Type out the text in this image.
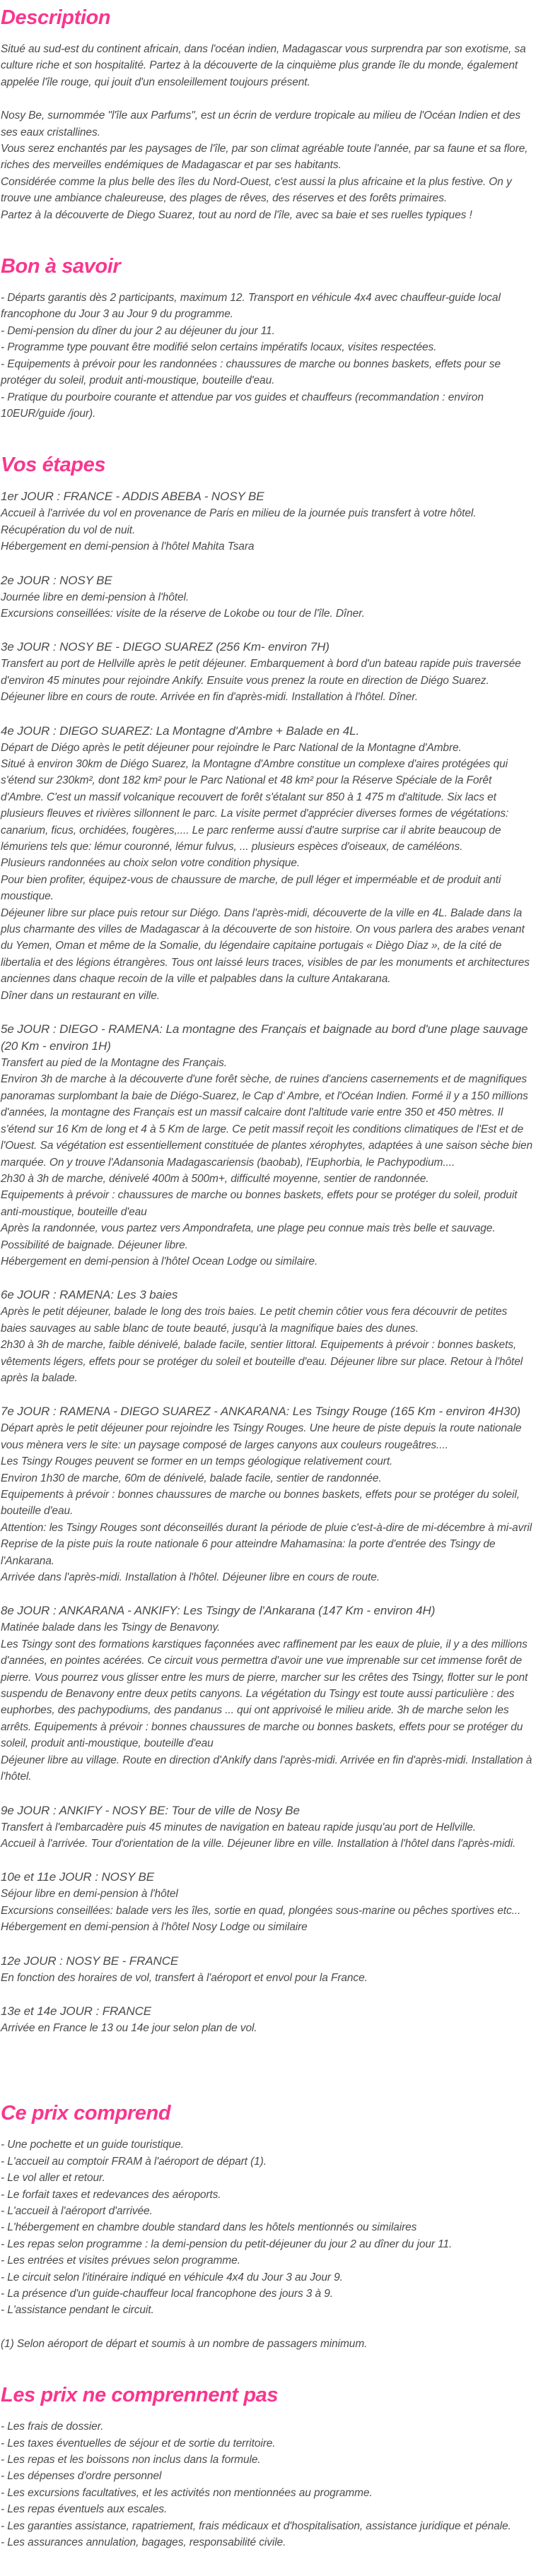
Description

Situé au sud-est du continent africain, dans l'océan indien, Madagascar vous surprendra par son exotisme, sa culture riche et son hospitalité. Partez à la découverte de la cinquième plus grande île du monde, également appelée l'île rouge, qui jouit d'un ensoleillement toujours présent.

Nosy Be, surnommée "l'île aux Parfums", est un écrin de verdure tropicale au milieu de l'Océan Indien et des ses eaux cristallines.

Vous serez enchantés par les paysages de l'île, par son climat agréable toute l'année, par sa faune et sa flore, riches des merveilles endémiques de Madagascar et par ses habitants.

Considérée comme la plus belle des îles du Nord-Ouest, c'est aussi la plus africaine et la plus festive. On y trouve une ambiance chaleureuse, des plages de rêves, des réserves et des forêts primaires.

Partez à la découverte de Diego Suarez, tout au nord de l'île, avec sa baie et ses ruelles typiques !

Bon à savoir

- Départs garantis dès 2 participants, maximum 12. Transport en véhicule 4x4 avec chauffeur-guide local francophone du Jour 3 au Jour 9 du programme.

- Demi-pension du dîner du jour 2 au déjeuner du jour 11.

- Programme type pouvant être modifié selon certains impératifs locaux, visites respectées.

- Equipements à prévoir pour les randonnées : chaussures de marche ou bonnes baskets, effets pour se protéger du soleil, produit anti-moustique, bouteille d'eau.

- Pratique du pourboire courante et attendue par vos guides et chauffeurs (recommandation : environ 10EUR/guide /jour).

Vos étapes

1er JOUR : FRANCE - ADDIS ABEBA - NOSY BE

Accueil à l'arrivée du vol en provenance de Paris en milieu de la journée puis transfert à votre hôtel. Récupération du vol de nuit.

Hébergement en demi-pension à l'hôtel Mahita Tsara

2e JOUR : NOSY BE

Journée libre en demi-pension à l'hôtel.

Excursions conseillées: visite de la réserve de Lokobe ou tour de l'île. Dîner.

3e JOUR : NOSY BE - DIEGO SUAREZ (256 Km- environ 7H)

Transfert au port de Hellville après le petit déjeuner. Embarquement à bord d'un bateau rapide puis traversée d'environ 45 minutes pour rejoindre Ankify. Ensuite vous prenez la route en direction de Diégo Suarez.

Déjeuner libre en cours de route. Arrivée en fin d'après-midi. Installation à l'hôtel. Dîner.

4e JOUR : DIEGO SUAREZ: La Montagne d'Ambre + Balade en 4L.

Départ de Diégo après le petit déjeuner pour rejoindre le Parc National de la Montagne d'Ambre.

Situé à environ 30km de Diégo Suarez, la Montagne d'Ambre constitue un complexe d'aires protégées qui s'étend sur 230km², dont 182 km² pour le Parc National et 48 km² pour la Réserve Spéciale de la Forêt d'Ambre. C'est un massif volcanique recouvert de forêt s'étalant sur 850 à 1 475 m d'altitude. Six lacs et plusieurs fleuves et rivières sillonnent le parc. La visite permet d'apprécier diverses formes de végétations: canarium, ficus, orchidées, fougères,.... Le parc renferme aussi d'autre surprise car il abrite beaucoup de lémuriens tels que: lémur couronné, lémur fulvus, ... plusieurs espèces d'oiseaux, de caméléons.

Plusieurs randonnées au choix selon votre condition physique.

Pour bien profiter, équipez-vous de chaussure de marche, de pull léger et imperméable et de produit anti moustique.

Déjeuner libre sur place puis retour sur Diégo. Dans l'après-midi, découverte de la ville en 4L. Balade dans la plus charmante des villes de Madagascar à la découverte de son histoire. On vous parlera des arabes venant du Yemen, Oman et même de la Somalie, du légendaire capitaine portugais « Diègo Diaz », de la cité de libertalia et des légions étrangères. Tous ont laissé leurs traces, visibles de par les monuments et architectures anciennes dans chaque recoin de la ville et palpables dans la culture Antakarana.

Dîner dans un restaurant en ville.

5e JOUR : DIEGO - RAMENA: La montagne des Français et baignade au bord d'une plage sauvage (20 Km - environ 1H)

Transfert au pied de la Montagne des Français.

Environ 3h de marche à la découverte d'une forêt sèche, de ruines d'anciens casernements et de magnifiques panoramas surplombant la baie de Diégo-Suarez, le Cap d' Ambre, et l'Océan Indien. Formé il y a 150 millions d'années, la montagne des Français est un massif calcaire dont l'altitude varie entre 350 et 450 mètres. Il s'étend sur 16 Km de long et 4 à 5 Km de large. Ce petit massif reçoit les conditions climatiques de l'Est et de l'Ouest. Sa végétation est essentiellement constituée de plantes xérophytes, adaptées à une saison sèche bien marquée. On y trouve l'Adansonia Madagascariensis (baobab), l'Euphorbia, le Pachypodium....

2h30 à 3h de marche, dénivelé 400m à 500m+, difficulté moyenne, sentier de randonnée.

Equipements à prévoir : chaussures de marche ou bonnes baskets, effets pour se protéger du soleil, produit anti-moustique, bouteille d'eau

Après la randonnée, vous partez vers Ampondrafeta, une plage peu connue mais très belle et sauvage. Possibilité de baignade. Déjeuner libre.

Hébergement en demi-pension à l'hôtel Ocean Lodge ou similaire.

6e JOUR : RAMENA: Les 3 baies

Après le petit déjeuner, balade le long des trois baies. Le petit chemin côtier vous fera découvrir de petites baies sauvages au sable blanc de toute beauté, jusqu'à la magnifique baies des dunes.

2h30 à 3h de marche, faible dénivelé, balade facile, sentier littoral. Equipements à prévoir : bonnes baskets, vêtements légers, effets pour se protéger du soleil et bouteille d'eau. Déjeuner libre sur place. Retour à l'hôtel après la balade.

7e JOUR : RAMENA - DIEGO SUAREZ - ANKARANA: Les Tsingy Rouge (165 Km - environ 4H30)

Départ après le petit déjeuner pour rejoindre les Tsingy Rouges. Une heure de piste depuis la route nationale vous mènera vers le site: un paysage composé de larges canyons aux couleurs rougeâtres....

Les Tsingy Rouges peuvent se former en un temps géologique relativement court.

Environ 1h30 de marche, 60m de dénivelé, balade facile, sentier de randonnée.

Equipements à prévoir : bonnes chaussures de marche ou bonnes baskets, effets pour se protéger du soleil, bouteille d'eau.

Attention: les Tsingy Rouges sont déconseillés durant la période de pluie c'est-à-dire de mi-décembre à mi-avril

Reprise de la piste puis la route nationale 6 pour atteindre Mahamasina: la porte d'entrée des Tsingy de l'Ankarana.

Arrivée dans l'après-midi. Installation à l'hôtel. Déjeuner libre en cours de route.

8e JOUR : ANKARANA - ANKIFY: Les Tsingy de l'Ankarana (147 Km - environ 4H)

Matinée balade dans les Tsingy de Benavony.

Les Tsingy sont des formations karstiques façonnées avec raffinement par les eaux de pluie, il y a des millions d'années, en pointes acérées. Ce circuit vous permettra d'avoir une vue imprenable sur cet immense forêt de pierre. Vous pourrez vous glisser entre les murs de pierre, marcher sur les crêtes des Tsingy, flotter sur le pont suspendu de Benavony entre deux petits canyons. La végétation du Tsingy est toute aussi particulière : des euphorbes, des pachypodiums, des pandanus ... qui ont apprivoisé le milieu aride. 3h de marche selon les arrêts. Equipements à prévoir : bonnes chaussures de marche ou bonnes baskets, effets pour se protéger du soleil, produit anti-moustique, bouteille d'eau

Déjeuner libre au village. Route en direction d'Ankify dans l'après-midi. Arrivée en fin d'après-midi. Installation à l'hôtel.

9e JOUR : ANKIFY - NOSY BE: Tour de ville de Nosy Be

Transfert à l'embarcadère puis 45 minutes de navigation en bateau rapide jusqu'au port de Hellville.

Accueil à l'arrivée. Tour d'orientation de la ville. Déjeuner libre en ville. Installation à l'hôtel dans l'après-midi.

10e et 11e JOUR : NOSY BE

Séjour libre en demi-pension à l'hôtel

Excursions conseillées: balade vers les îles, sortie en quad, plongées sous-marine ou pêches sportives etc...

Hébergement en demi-pension à l'hôtel Nosy Lodge ou similaire

12e JOUR : NOSY BE - FRANCE

En fonction des horaires de vol, transfert à l'aéroport et envol pour la France.

13e et 14e JOUR : FRANCE

Arrivée en France le 13 ou 14e jour selon plan de vol.

Ce prix comprend

- Une pochette et un guide touristique.

- L'accueil au comptoir FRAM à l'aéroport de départ (1).

- Le vol aller et retour.

- Le forfait taxes et redevances des aéroports.

- L'accueil à l'aéroport d'arrivée.

- L'hébergement en chambre double standard dans les hôtels mentionnés ou similaires

- Les repas selon programme : la demi-pension du petit-déjeuner du jour 2 au dîner du jour 11.

- Les entrées et visites prévues selon programme.

- Le circuit selon l'itinéraire indiqué en véhicule 4x4 du Jour 3 au Jour 9.

- La présence d'un guide-chauffeur local francophone des jours 3 à 9.

- L'assistance pendant le circuit.

(1) Selon aéroport de départ et soumis à un nombre de passagers minimum.

Les prix ne comprennent pas

- Les frais de dossier.

- Les taxes éventuelles de séjour et de sortie du territoire.

- Les repas et les boissons non inclus dans la formule.

- Les dépenses d'ordre personnel

- Les excursions facultatives, et les activités non mentionnées au programme.

- Les repas éventuels aux escales.

- Les garanties assistance, rapatriement, frais médicaux et d'hospitalisation, assistance juridique et pénale.

- Les assurances annulation, bagages, responsabilité civile.
